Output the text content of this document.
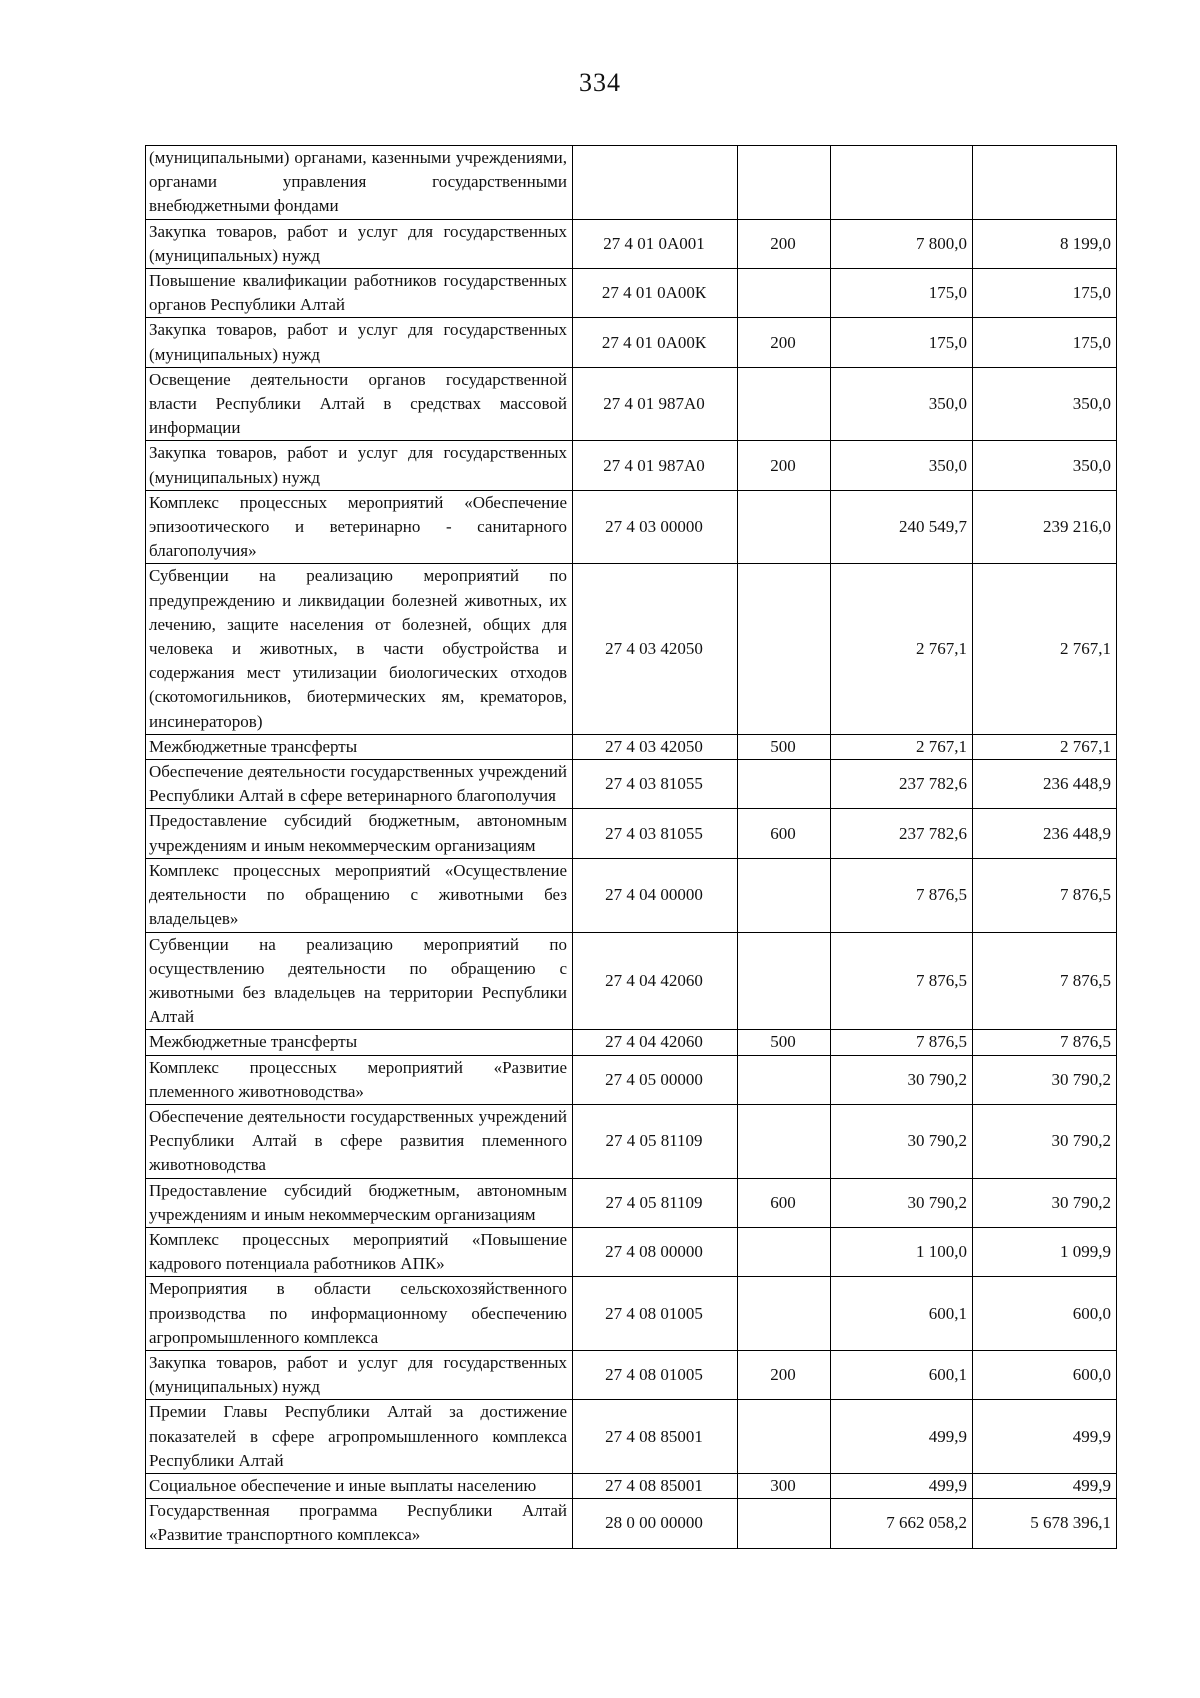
334
(муниципальными) органами, казенными учреждениями, органами управления государственными внебюджетными фондами				
Закупка товаров, работ и услуг для государственных (муниципальных) нужд	27 4 01 0А001	200	7 800,0	8 199,0
Повышение квалификации работников государственных органов Республики Алтай	27 4 01 0А00К		175,0	175,0
Закупка товаров, работ и услуг для государственных (муниципальных) нужд	27 4 01 0А00К	200	175,0	175,0
Освещение деятельности органов государственной власти Республики Алтай в средствах массовой информации	27 4 01 987А0		350,0	350,0
Закупка товаров, работ и услуг для государственных (муниципальных) нужд	27 4 01 987А0	200	350,0	350,0
Комплекс процессных мероприятий «Обеспечение эпизоотического и ветеринарно - санитарного благополучия»	27 4 03 00000		240 549,7	239 216,0
Субвенции на реализацию мероприятий по предупреждению и ликвидации болезней животных, их лечению, защите населения от болезней, общих для человека и животных, в части обустройства и содержания мест утилизации биологических отходов (скотомогильников, биотермических ям, крематоров, инсинераторов)	27 4 03 42050		2 767,1	2 767,1
Межбюджетные трансферты	27 4 03 42050	500	2 767,1	2 767,1
Обеспечение деятельности государственных учреждений Республики Алтай в сфере ветеринарного благополучия	27 4 03 81055		237 782,6	236 448,9
Предоставление субсидий бюджетным, автономным учреждениям и иным некоммерческим организациям	27 4 03 81055	600	237 782,6	236 448,9
Комплекс процессных мероприятий «Осуществление деятельности по обращению с животными без владельцев»	27 4 04 00000		7 876,5	7 876,5
Субвенции на реализацию мероприятий по осуществлению деятельности по обращению с животными без владельцев на территории Республики Алтай	27 4 04 42060		7 876,5	7 876,5
Межбюджетные трансферты	27 4 04 42060	500	7 876,5	7 876,5
Комплекс процессных мероприятий «Развитие племенного животноводства»	27 4 05 00000		30 790,2	30 790,2
Обеспечение деятельности государственных учреждений Республики Алтай в сфере развития племенного животноводства	27 4 05 81109		30 790,2	30 790,2
Предоставление субсидий бюджетным, автономным учреждениям и иным некоммерческим организациям	27 4 05 81109	600	30 790,2	30 790,2
Комплекс процессных мероприятий «Повышение кадрового потенциала работников АПК»	27 4 08 00000		1 100,0	1 099,9
Мероприятия в области сельскохозяйственного производства по информационному обеспечению агропромышленного комплекса	27 4 08 01005		600,1	600,0
Закупка товаров, работ и услуг для государственных (муниципальных) нужд	27 4 08 01005	200	600,1	600,0
Премии Главы Республики Алтай за достижение показателей в сфере агропромышленного комплекса Республики Алтай	27 4 08 85001		499,9	499,9
Социальное обеспечение и иные выплаты населению	27 4 08 85001	300	499,9	499,9
Государственная программа Республики Алтай «Развитие транспортного комплекса»	28 0 00 00000		7 662 058,2	5 678 396,1
